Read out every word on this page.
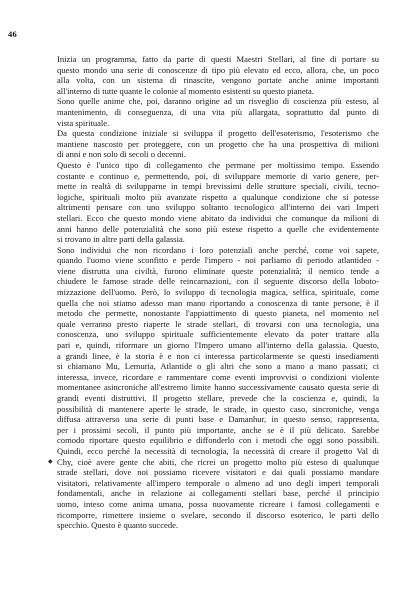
46
◆
Inizia un programma, fatto da parte di questi Maestri Stellari, al fine di portare su
questo mondo una serie di conoscenze di tipo più elevato ed ecco, allora, che, un poco
alla volta, con un sistema di rinascite, vengono portate anche anime importanti
all'interno di tutte quante le colonie al momento esistenti su questo pianeta.
Sono quelle anime che, poi, daranno origine ad un risveglio di coscienza più esteso, al
mantenimento, di conseguenza, di una vita più allargata, soprattutto dal punto di
vista spirituale.
Da questa condizione iniziale si sviluppa il progetto dell'esoterismo, l'esoterismo che
mantiene nascosto per proteggere, con un progetto che ha una prospettiva di milioni
di anni e non solo di secoli o decenni.
Questo è l'unico tipo di collegamento che permane per moltissimo tempo. Essendo
costante e continuo e, permettendo, poi, di sviluppare memorie di vario genere, per-
mette in realtà di svilupparne in tempi brevissimi delle strutture speciali, civili, tecno-
logiche, spirituali molto più avanzate rispetto a qualunque condizione che si potesse
altrimenti pensare con uno sviluppo soltanto tecnologico all'interno dei vari Imperi
stellari. Ecco che questo mondo viene abitato da individui che comunque da milioni di
anni hanno delle potenzialità che sono più estese rispetto a quelle che evidentemente
si trovano in altre parti della galassia.
Sono individui che non ricordano i loro potenziali anche perché, come voi sapete,
quando l'uomo viene sconfitto e perde l'impero - noi parliamo di periodo atlantideo -
viene distrutta una civiltà, furono eliminate queste potenzialità; il nemico tende a
chiudere le famose strade delle reincarnazioni, con il seguente discorso della loboto-
mizzazione dell'uomo. Però, lo sviluppo di tecnologia magica, selfica, spirituale, come
quella che noi stiamo adesso man mano riportando a conoscenza di tante persone, è il
metodo che permette, nonostante l'appiattimento di questo pianeta, nel momento nel
quale verranno presto riaperte le strade stellari, di trovarsi con una tecnologia, una
conoscenza, uno sviluppo spirituale sufficientemente elevato da poter trattare alla
pari e, quindi, riformare un giorno l'Impero umano all'interno della galassia. Questo,
a grandi linee, è la storia è e non ci interessa particolarmente se questi insediamenti
si chiamano Mu, Lemuria, Atlantide o gli altri che sono a mano a mano passati; ci
interessa, invece, ricordare e rammentare come eventi improvvisi o condizioni violente
momentanee asincroniche all'estremo limite hanno successivamente causato questa serie di
grandi eventi distruttivi. Il progetto stellare, prevede che la coscienza e, quindi, la
possibilità di mantenere aperte le strade, le strade, in questo caso, sincroniche, venga
diffusa attraverso una serie di punti base e Damanhur, in questo senso, rappresenta,
per i prossimi secoli, il punto più importante, anche se è il più delicato. Sarebbe
comodo riportare questo equilibrio e diffonderlo con i metodi che oggi sono possibili.
Quindi, ecco perché la necessità di tecnologia, la necessità di creare il progetto Val di
Chy, cioè avere gente che abiti, che ricrei un progetto molto più esteso di qualunque
strade stellari, dove noi possiamo ricevere visitatori e dai quali possiamo mandare
visitatori, relativamente all'impero temporale o almeno ad uno degli imperi temporali
fondamentali, anche in relazione ai collegamenti stellari base, perché il principio
uomo, inteso come anima umana, possa nuovamente ricreare i famosi collegamenti e
ricomporre, rimettere insieme o svelare, secondo il discorso esoterico, le parti dello
specchio. Questo è quanto succede.
